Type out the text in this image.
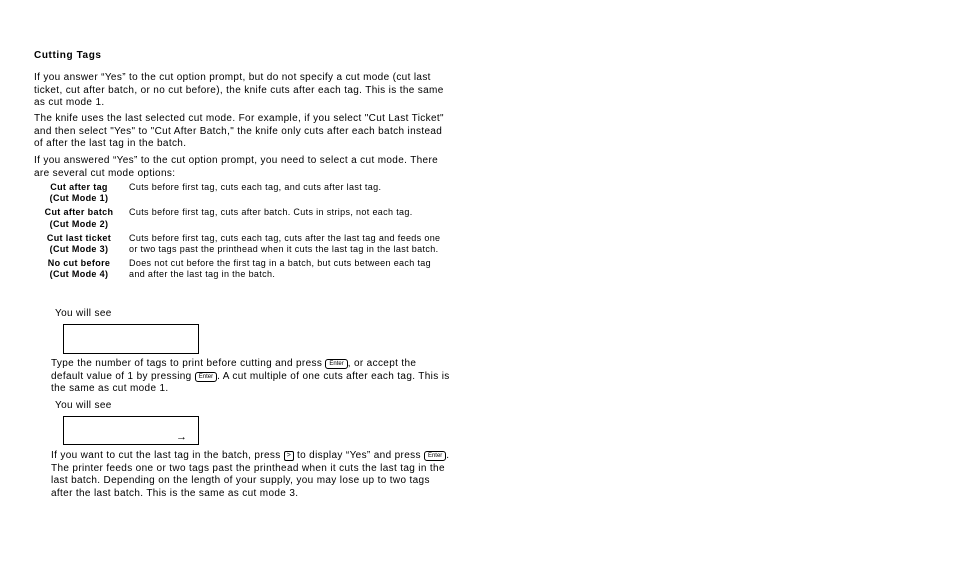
Cutting Tags
If you answer “Yes” to the cut option prompt, but do not specify a cut mode (cut last ticket, cut after batch, or no cut before), the knife cuts after each tag. This is the same as cut mode 1.
The knife uses the last selected cut mode. For example, if you select "Cut Last Ticket" and then select "Yes" to "Cut After Batch," the knife only cuts after each batch instead of after the last tag in the batch.
If you answered “Yes” to the cut option prompt, you need to select a cut mode. There are several cut mode options:
Cut after tag
(Cut Mode 1)
Cuts before first tag, cuts each tag, and cuts after last tag.
Cut after batch
(Cut Mode 2)
Cuts before first tag, cuts after batch. Cuts in strips, not each tag.
Cut last ticket
(Cut Mode 3)
Cuts before first tag, cuts each tag, cuts after the last tag and feeds one or two tags past the printhead when it cuts the last tag in the last batch.
No cut before
(Cut Mode 4)
Does not cut before the first tag in a batch, but cuts between each tag and after the last tag in the batch.
You will see
Type the number of tags to print before cutting and press Enter , or accept the default value of 1 by pressing Enter . A cut multiple of one cuts after each tag. This is the same as cut mode 1.
You will see
→
If you want to cut the last tag in the batch, press > to display “Yes” and press Enter . The printer feeds one or two tags past the printhead when it cuts the last tag in the last batch. Depending on the length of your supply, you may lose up to two tags after the last batch. This is the same as cut mode 3.
